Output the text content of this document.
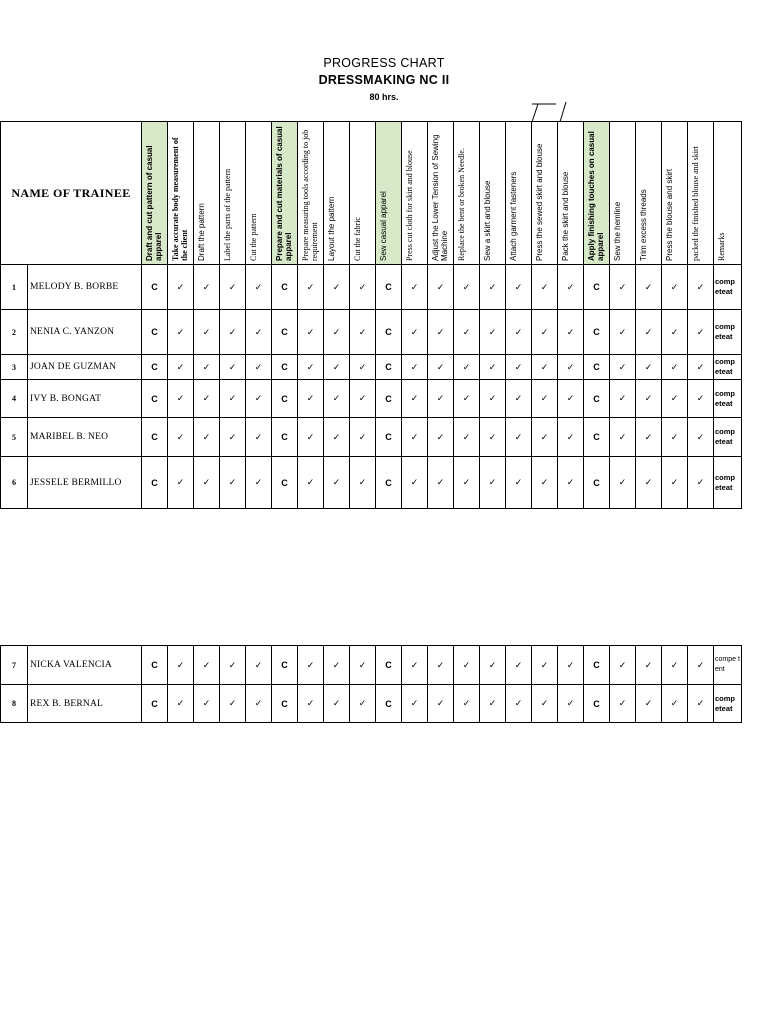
PROGRESS CHART
DRESSMAKING NC II
80 hrs.
NAME OF TRAINEE		Draft and cut pattern of casual apparel	Take accurate body measurement of the client	Draft the pattern	Label the parts of the pattern	Cut the pattern	Prepare and cut materials of casual apparel	Prepare measuring tools according to job requirement	Layout the pattern	Cut the fabric	Sew casual apparel	Press cut cloth for skirt and blouse	Adjust the Lower Tension of Sewing Machine	Replace the bent or broken Needle.	Sew a skirt and blouse	Attach garment fasteners	Press the sewed skirt and blouse	Pack the skirt and blouse	Apply finishing touches on casual apparel	Sew the hemline	Trim excess threads	Press the blouse and skirt	packed the finished blouse and skirt	Remarks

1	MELODY B. BORBE	C	✓	✓	✓	✓	C	✓	✓	✓	C	✓	✓	✓	✓	✓	✓	✓	C	✓	✓	✓	✓	comp eteat
2	NENIA C. YANZON	C	✓	✓	✓	✓	C	✓	✓	✓	C	✓	✓	✓	✓	✓	✓	✓	C	✓	✓	✓	✓	comp eteat
3	JOAN DE GUZMAN	C	✓	✓	✓	✓	C	✓	✓	✓	C	✓	✓	✓	✓	✓	✓	✓	C	✓	✓	✓	✓	comp eteat
4	IVY B. BONGAT	C	✓	✓	✓	✓	C	✓	✓	✓	C	✓	✓	✓	✓	✓	✓	✓	C	✓	✓	✓	✓	comp eteat
5	MARIBEL B. NEO	C	✓	✓	✓	✓	C	✓	✓	✓	C	✓	✓	✓	✓	✓	✓	✓	C	✓	✓	✓	✓	comp eteat
6	JESSELE BERMILLO	C	✓	✓	✓	✓	C	✓	✓	✓	C	✓	✓	✓	✓	✓	✓	✓	C	✓	✓	✓	✓	comp eteat
7	NICKA VALENCIA	C	✓	✓	✓	✓	C	✓	✓	✓	C	✓	✓	✓	✓	✓	✓	✓	C	✓	✓	✓	✓	compe tent
8	REX B. BERNAL	C	✓	✓	✓	✓	C	✓	✓	✓	C	✓	✓	✓	✓	✓	✓	✓	C	✓	✓	✓	✓	comp eteat
